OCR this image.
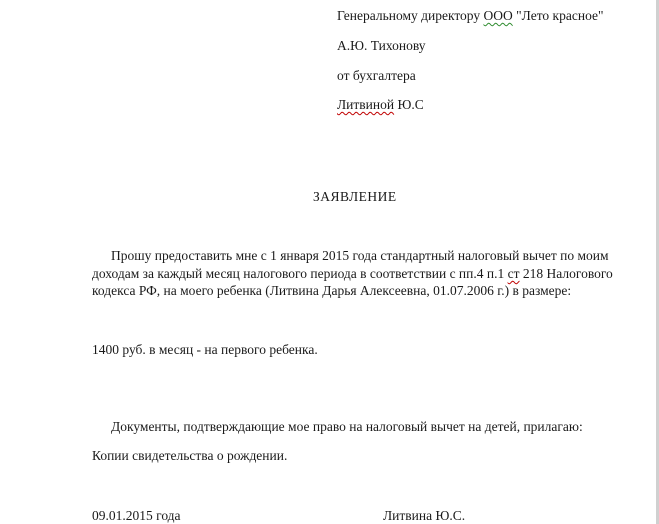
Генеральному директору ООО "Лето красное"
А.Ю. Тихонову
от бухгалтера
Литвиной Ю.С
ЗАЯВЛЕНИЕ
Прошу предоставить мне с 1 января 2015 года стандартный налоговый вычет по моим
доходам за каждый месяц налогового периода в соответствии с пп.4 п.1 ст 218 Налогового
кодекса РФ, на моего ребенка (Литвина Дарья Алексеевна, 01.07.2006 г.) в размере:
1400 руб. в месяц - на первого ребенка.
Документы, подтверждающие мое право на налоговый вычет на детей, прилагаю:
Копии свидетельства о рождении.
09.01.2015 года	Литвина Ю.С.
